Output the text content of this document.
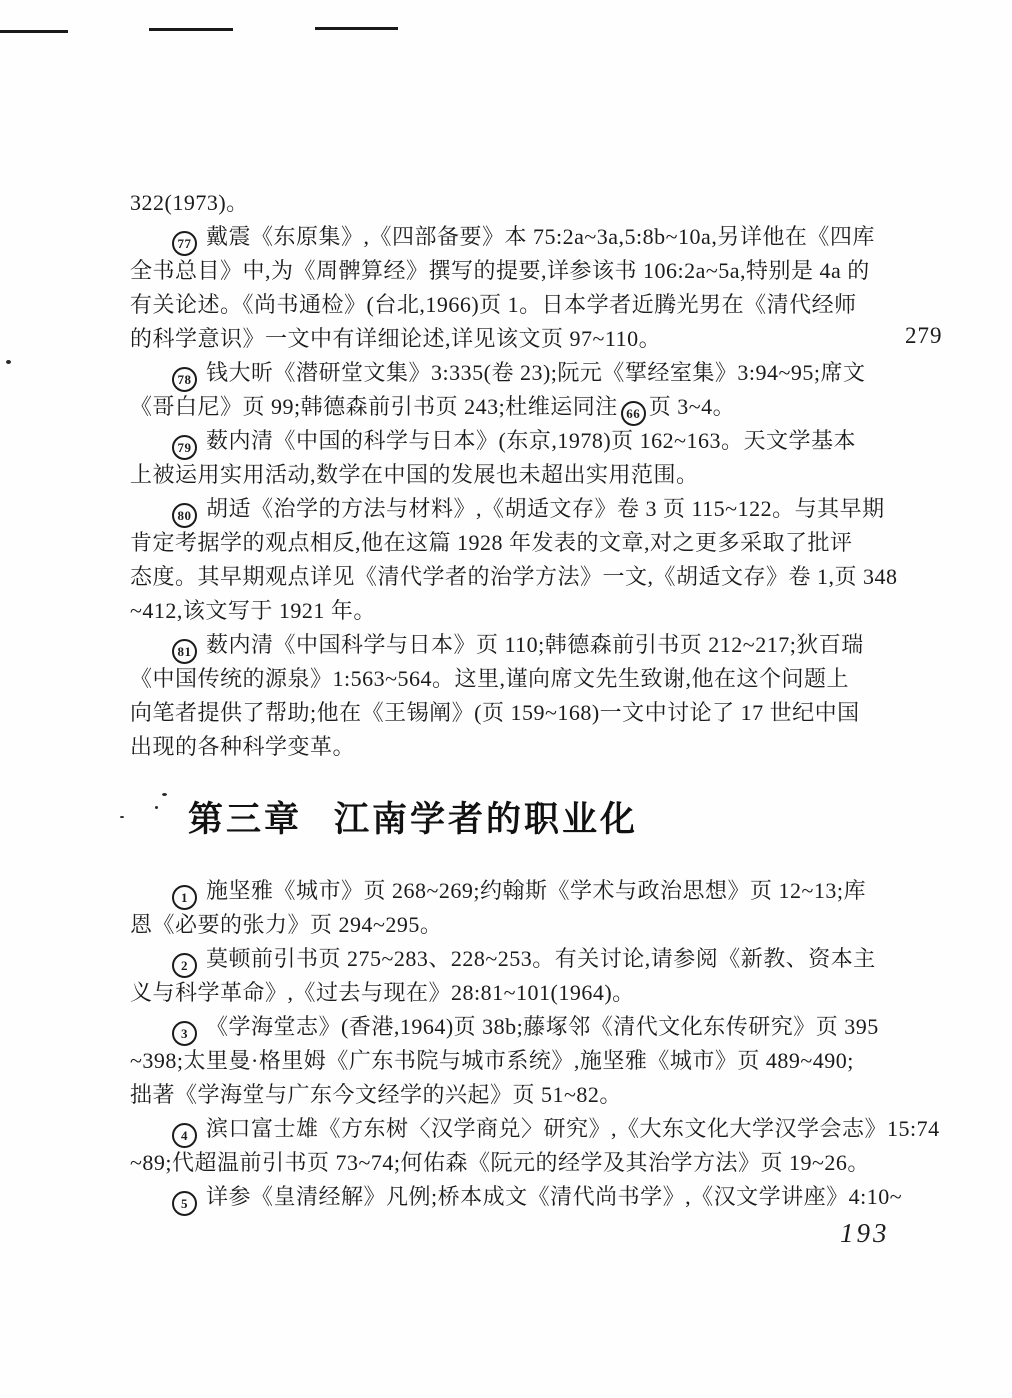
279
322(1973)。
77 戴震《东原集》,《四部备要》本 75:2a~3a,5:8b~10a,另详他在《四库
全书总目》中,为《周髀算经》撰写的提要,详参该书 106:2a~5a,特别是 4a 的
有关论述。《尚书通检》(台北,1966)页 1。日本学者近腾光男在《清代经师
的科学意识》一文中有详细论述,详见该文页 97~110。
78 钱大昕《潜研堂文集》3:335(卷 23);阮元《揅经室集》3:94~95;席文
《哥白尼》页 99;韩德森前引书页 243;杜维运同注 66 页 3~4。
79 薮内清《中国的科学与日本》(东京,1978)页 162~163。天文学基本
上被运用实用活动,数学在中国的发展也未超出实用范围。
80 胡适《治学的方法与材料》,《胡适文存》卷 3 页 115~122。与其早期
肯定考据学的观点相反,他在这篇 1928 年发表的文章,对之更多采取了批评
态度。其早期观点详见《清代学者的治学方法》一文,《胡适文存》卷 1,页 348
~412,该文写于 1921 年。
81 薮内清《中国科学与日本》页 110;韩德森前引书页 212~217;狄百瑞
《中国传统的源泉》1:563~564。这里,谨向席文先生致谢,他在这个问题上
向笔者提供了帮助;他在《王锡阐》(页 159~168)一文中讨论了 17 世纪中国
出现的各种科学变革。
第三章 江南学者的职业化
1 施坚雅《城市》页 268~269;约翰斯《学术与政治思想》页 12~13;库
恩《必要的张力》页 294~295。
2 莫顿前引书页 275~283、228~253。有关讨论,请参阅《新教、资本主
义与科学革命》,《过去与现在》28:81~101(1964)。
3 《学海堂志》(香港,1964)页 38b;藤塚邻《清代文化东传研究》页 395
~398;太里曼·格里姆《广东书院与城市系统》,施坚雅《城市》页 489~490;
拙著《学海堂与广东今文经学的兴起》页 51~82。
4 滨口富士雄《方东树〈汉学商兑〉研究》,《大东文化大学汉学会志》15:74
~89;代超温前引书页 73~74;何佑森《阮元的经学及其治学方法》页 19~26。
5 详参《皇清经解》凡例;桥本成文《清代尚书学》,《汉文学讲座》4:10~
193
